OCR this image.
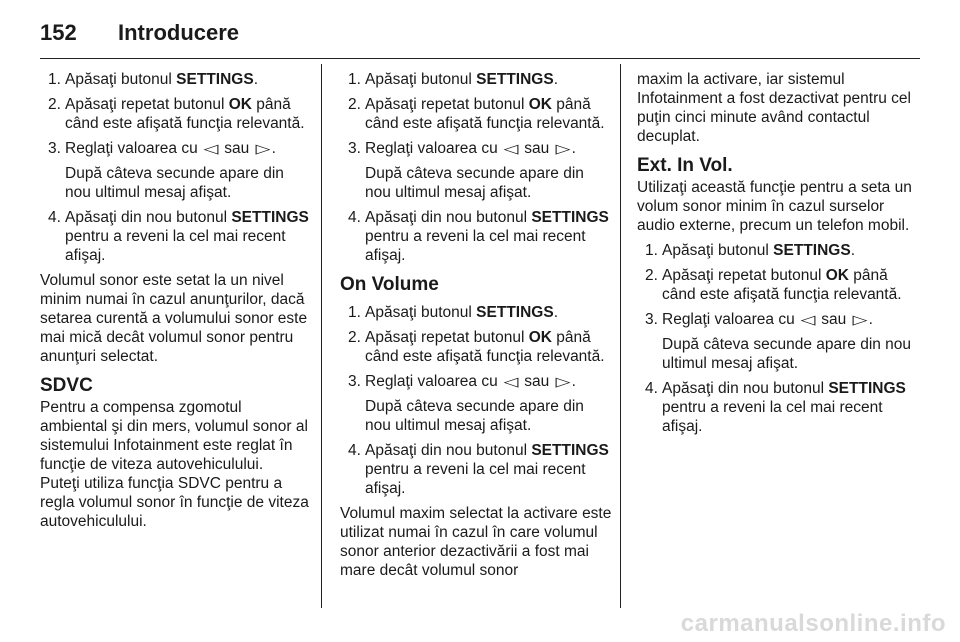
152 Introducere
1. Apăsaţi butonul SETTINGS.
2. Apăsaţi repetat butonul OK până când este afişată funcţia relevantă.
3. Reglaţi valoarea cu ◁ sau ▷.
După câteva secunde apare din nou ultimul mesaj afişat.
4. Apăsaţi din nou butonul SETTINGS pentru a reveni la cel mai recent afişaj.

Volumul sonor este setat la un nivel minim numai în cazul anunţurilor, dacă setarea curentă a volumului sonor este mai mică decât volumul sonor pentru anunţuri selectat.

SDVC

Pentru a compensa zgomotul ambiental şi din mers, volumul sonor al sistemului Infotainment este reglat în funcţie de viteza autovehiculului.

Puteţi utiliza funcţia SDVC pentru a regla volumul sonor în funcţie de viteza autovehiculului.

1. Apăsaţi butonul SETTINGS.
2. Apăsaţi repetat butonul OK până când este afişată funcţia relevantă.
3. Reglaţi valoarea cu ◁ sau ▷.
După câteva secunde apare din nou ultimul mesaj afişat.
4. Apăsaţi din nou butonul SETTINGS pentru a reveni la cel mai recent afişaj.
On Volume
1. Apăsaţi butonul SETTINGS.
2. Apăsaţi repetat butonul OK până când este afişată funcţia relevantă.
3. Reglaţi valoarea cu ◁ sau ▷.
După câteva secunde apare din nou ultimul mesaj afişat.
4. Apăsaţi din nou butonul SETTINGS pentru a reveni la cel mai recent afişaj.

Volumul maxim selectat la activare este utilizat numai în cazul în care volumul sonor anterior dezactivării a fost mai mare decât volumul sonor

maxim la activare, iar sistemul Infotainment a fost dezactivat pentru cel puţin cinci minute având contactul decuplat.

Ext. In Vol.

Utilizaţi această funcţie pentru a seta un volum sonor minim în cazul surselor audio externe, precum un telefon mobil.

1. Apăsaţi butonul SETTINGS.
2. Apăsaţi repetat butonul OK până când este afişată funcţia relevantă.
3. Reglaţi valoarea cu ◁ sau ▷.
După câteva secunde apare din nou ultimul mesaj afişat.
4. Apăsaţi din nou butonul SETTINGS pentru a reveni la cel mai recent afişaj.
carmanualsonline.info
